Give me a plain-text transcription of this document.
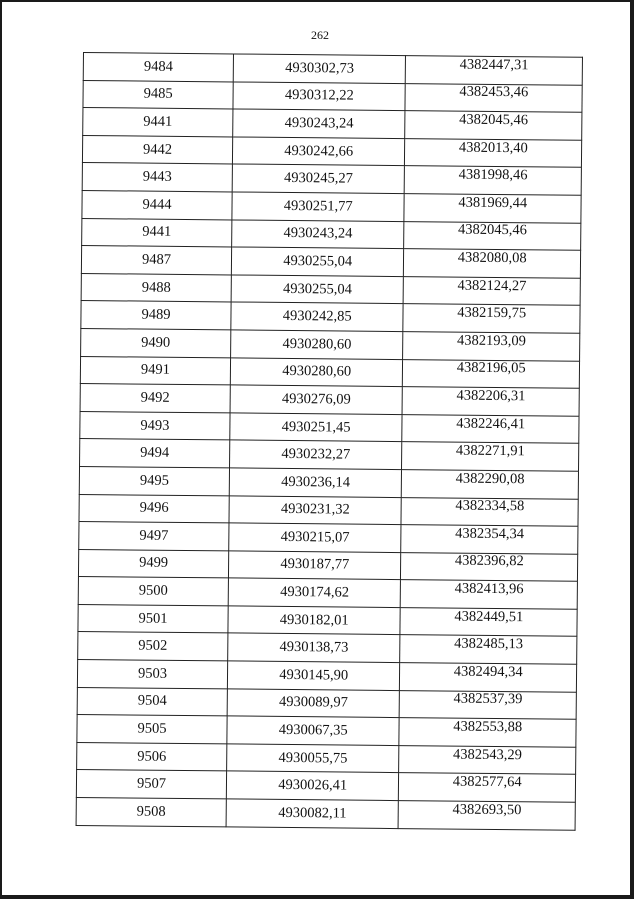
262
9484	4930302,73	4382447,31
9485	4930312,22	4382453,46
9441	4930243,24	4382045,46
9442	4930242,66	4382013,40
9443	4930245,27	4381998,46
9444	4930251,77	4381969,44
9441	4930243,24	4382045,46
9487	4930255,04	4382080,08
9488	4930255,04	4382124,27
9489	4930242,85	4382159,75
9490	4930280,60	4382193,09
9491	4930280,60	4382196,05
9492	4930276,09	4382206,31
9493	4930251,45	4382246,41
9494	4930232,27	4382271,91
9495	4930236,14	4382290,08
9496	4930231,32	4382334,58
9497	4930215,07	4382354,34
9499	4930187,77	4382396,82
9500	4930174,62	4382413,96
9501	4930182,01	4382449,51
9502	4930138,73	4382485,13
9503	4930145,90	4382494,34
9504	4930089,97	4382537,39
9505	4930067,35	4382553,88
9506	4930055,75	4382543,29
9507	4930026,41	4382577,64
9508	4930082,11	4382693,50
